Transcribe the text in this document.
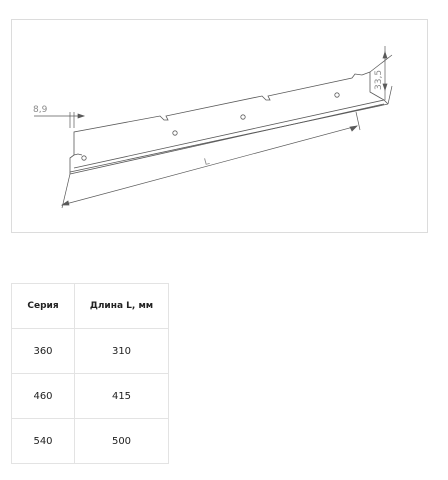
8,9
33,5
L
Серия	Длина L, мм
360	310
460	415
540	500
